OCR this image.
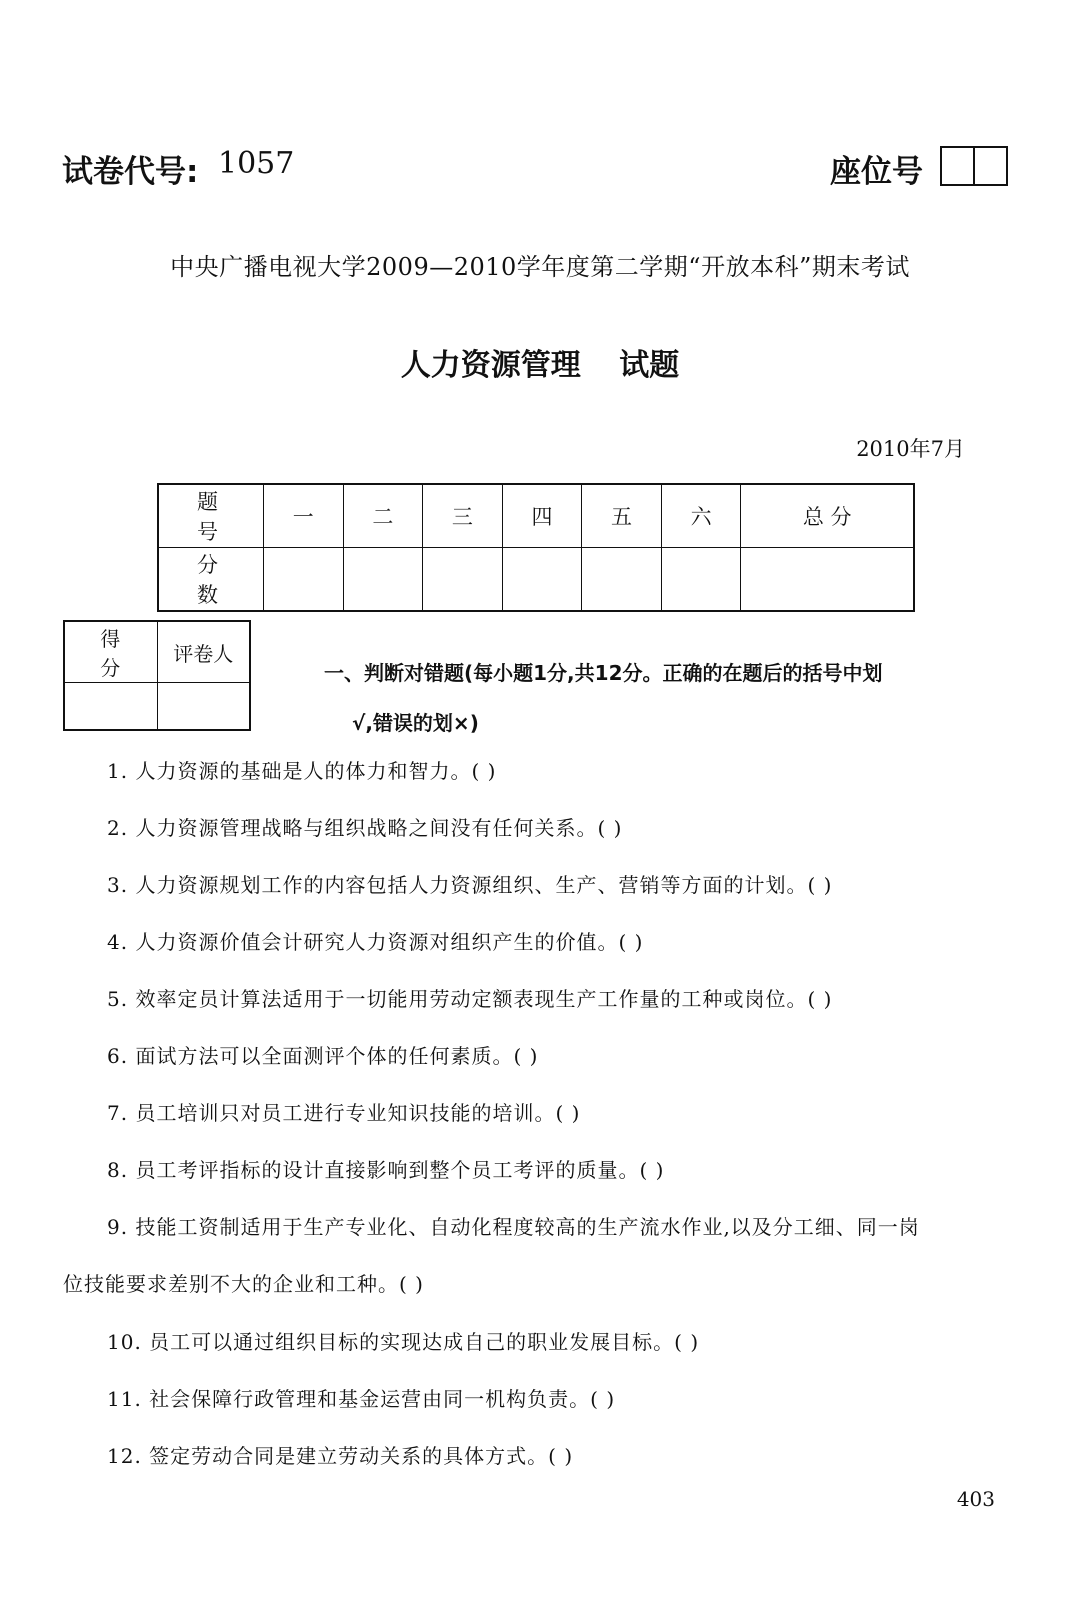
试卷代号: 1057	座位号
中央广播电视大学2009—2010学年度第二学期“开放本科”期末考试
人力资源管理 试题
2010年7月
题 号	一	二	三	四	五	六	总 分
分 数							
得 分	评卷人

一、判断对错题(每小题1分,共12分。正确的在题后的括号中划
√,错误的划×)
1. 人力资源的基础是人的体力和智力。( )
2. 人力资源管理战略与组织战略之间没有任何关系。( )
3. 人力资源规划工作的内容包括人力资源组织、生产、营销等方面的计划。( )
4. 人力资源价值会计研究人力资源对组织产生的价值。( )
5. 效率定员计算法适用于一切能用劳动定额表现生产工作量的工种或岗位。( )
6. 面试方法可以全面测评个体的任何素质。( )
7. 员工培训只对员工进行专业知识技能的培训。( )
8. 员工考评指标的设计直接影响到整个员工考评的质量。( )
9. 技能工资制适用于生产专业化、自动化程度较高的生产流水作业,以及分工细、同一岗
位技能要求差别不大的企业和工种。( )
10. 员工可以通过组织目标的实现达成自己的职业发展目标。( )
11. 社会保障行政管理和基金运营由同一机构负责。( )
12. 签定劳动合同是建立劳动关系的具体方式。( )
403
